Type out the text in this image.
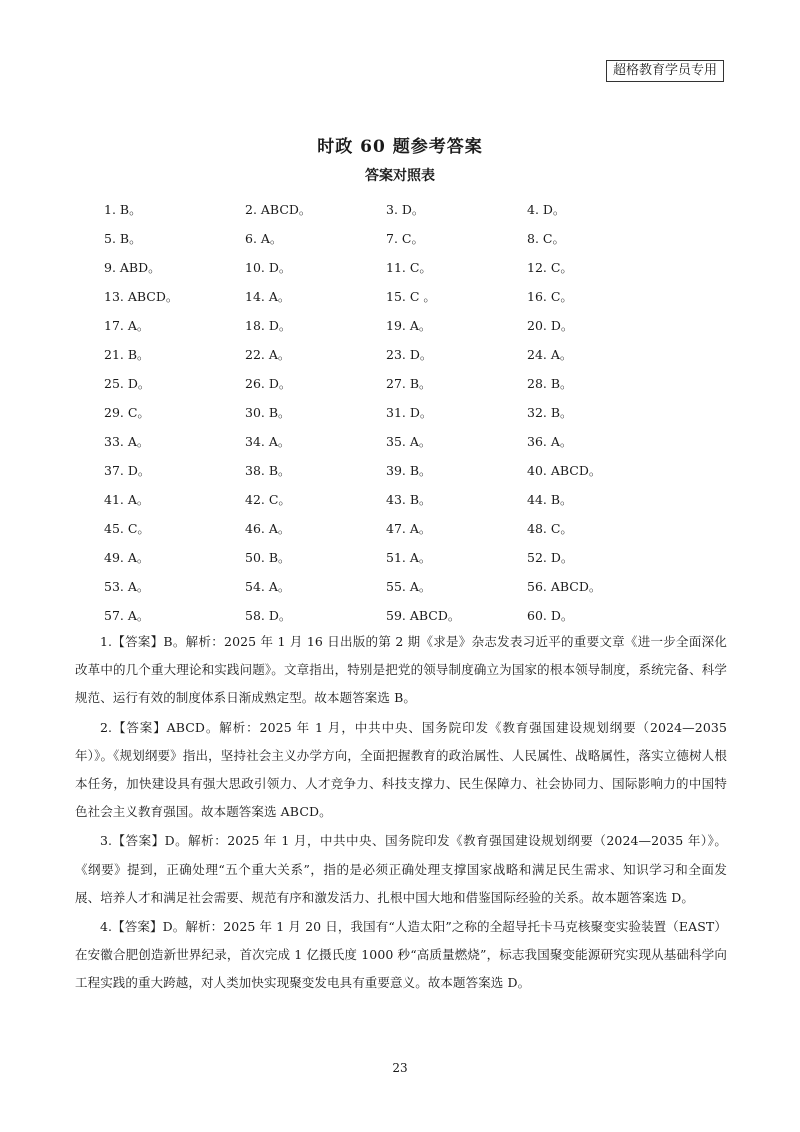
超格教育学员专用
时政 60 题参考答案
答案对照表
1. B。	2. ABCD。	3. D。	4. D。
5. B。	6. A。	7. C。	8. C。
9. ABD。	10. D。	11. C。	12. C。
13. ABCD。	14. A。	15. C 。	16. C。
17. A。	18. D。	19. A。	20. D。
21. B。	22. A。	23. D。	24. A。
25. D。	26. D。	27. B。	28. B。
29. C。	30. B。	31. D。	32. B。
33. A。	34. A。	35. A。	36. A。
37. D。	38. B。	39. B。	40. ABCD。
41. A。	42. C。	43. B。	44. B。
45. C。	46. A。	47. A。	48. C。
49. A。	50. B。	51. A。	52. D。
53. A。	54. A。	55. A。	56. ABCD。
57. A。	58. D。	59. ABCD。	60. D。

1.【答案】B。解析：2025 年 1 月 16 日出版的第 2 期《求是》杂志发表习近平的重要文章《进一步全面深化改革中的几个重大理论和实践问题》。文章指出，特别是把党的领导制度确立为国家的根本领导制度，系统完备、科学规范、运行有效的制度体系日渐成熟定型。故本题答案选 B。

2.【答案】ABCD。解析：2025 年 1 月，中共中央、国务院印发《教育强国建设规划纲要（2024—2035 年）》。《规划纲要》指出，坚持社会主义办学方向，全面把握教育的政治属性、人民属性、战略属性，落实立德树人根本任务，加快建设具有强大思政引领力、人才竞争力、科技支撑力、民生保障力、社会协同力、国际影响力的中国特色社会主义教育强国。故本题答案选 ABCD。

3.【答案】D。解析：2025 年 1 月，中共中央、国务院印发《教育强国建设规划纲要（2024—2035 年）》。《纲要》提到，正确处理“五个重大关系”，指的是必须正确处理支撑国家战略和满足民生需求、知识学习和全面发展、培养人才和满足社会需要、规范有序和激发活力、扎根中国大地和借鉴国际经验的关系。故本题答案选 D。

4.【答案】D。解析：2025 年 1 月 20 日，我国有“人造太阳”之称的全超导托卡马克核聚变实验装置（EAST）在安徽合肥创造新世界纪录，首次完成 1 亿摄氏度 1000 秒“高质量燃烧”，标志我国聚变能源研究实现从基础科学向工程实践的重大跨越，对人类加快实现聚变发电具有重要意义。故本题答案选 D。

23
